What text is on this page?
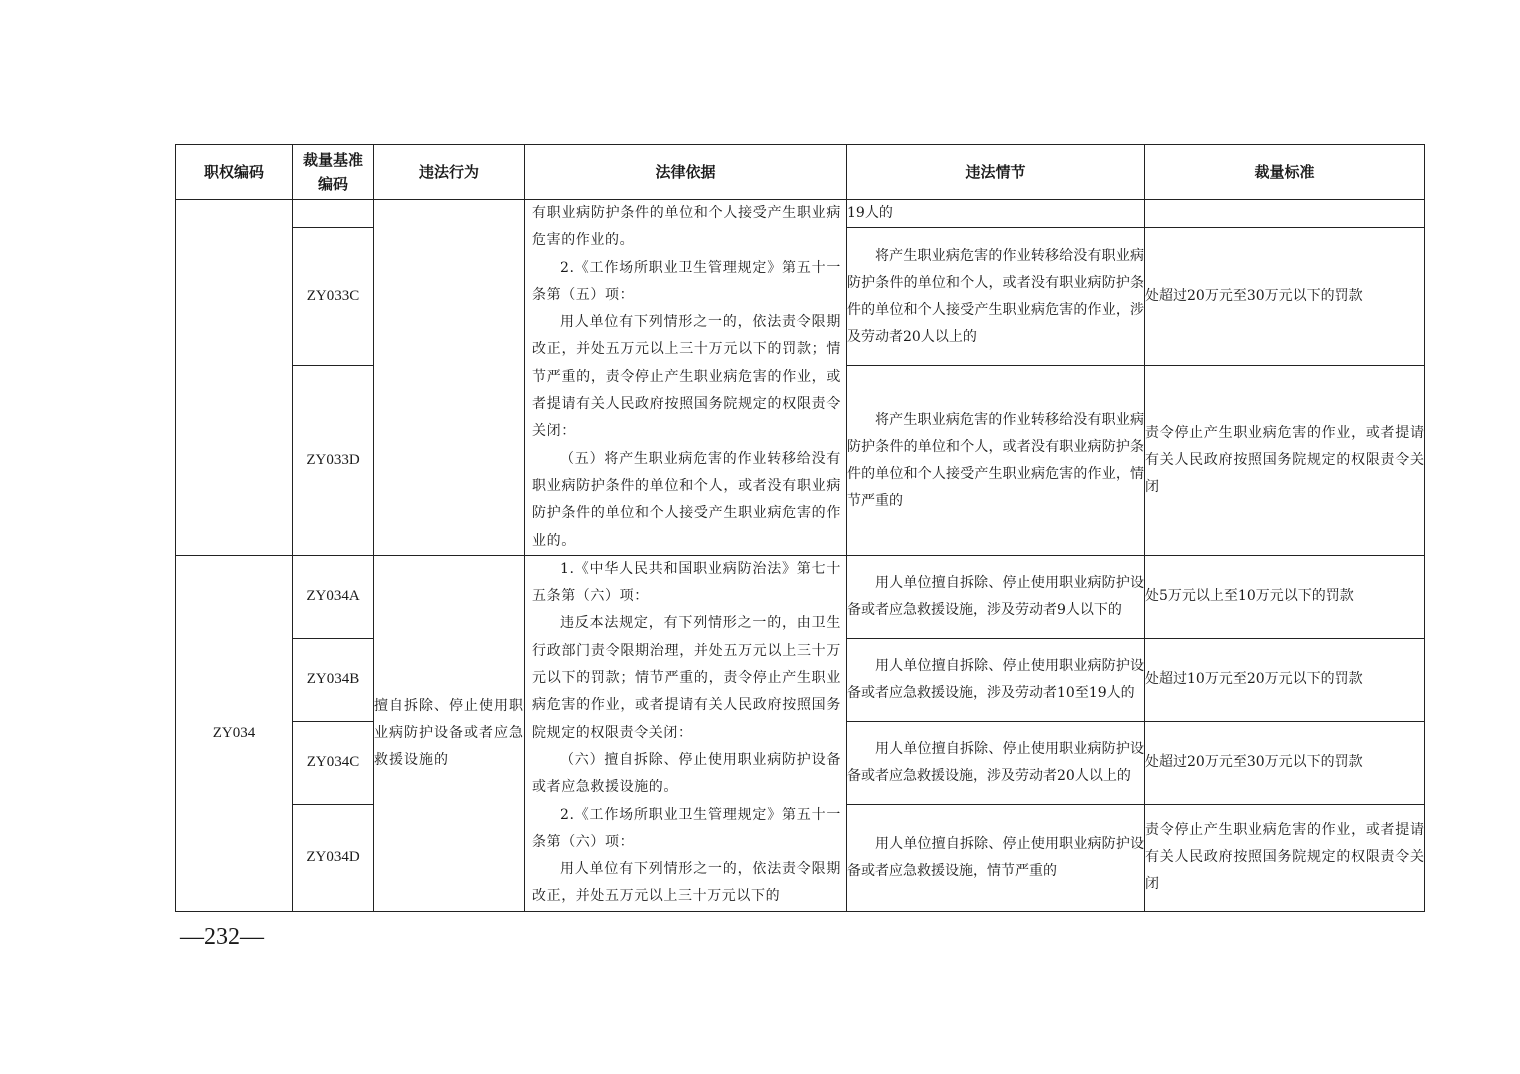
职权编码	裁量基准编码	违法行为	法律依据	违法情节	裁量标准

			有职业病防护条件的单位和个人接受产生职业病危害的作业的。
2.《工作场所职业卫生管理规定》第五十一条第（五）项：
用人单位有下列情形之一的，依法责令限期改正，并处五万元以上三十万元以下的罚款；情节严重的，责令停止产生职业病危害的作业，或者提请有关人民政府按照国务院规定的权限责令关闭：
（五）将产生职业病危害的作业转移给没有职业病防护条件的单位和个人，或者没有职业病防护条件的单位和个人接受产生职业病危害的作业的。	19人的	
	ZY033C			将产生职业病危害的作业转移给没有职业病防护条件的单位和个人，或者没有职业病防护条件的单位和个人接受产生职业病危害的作业，涉及劳动者20人以上的	处超过20万元至30万元以下的罚款
	ZY033D			将产生职业病危害的作业转移给没有职业病防护条件的单位和个人，或者没有职业病防护条件的单位和个人接受产生职业病危害的作业，情节严重的	责令停止产生职业病危害的作业，或者提请有关人民政府按照国务院规定的权限责令关闭
ZY034	ZY034A	擅自拆除、停止使用职业病防护设备或者应急救援设施的	1.《中华人民共和国职业病防治法》第七十五条第（六）项：
违反本法规定，有下列情形之一的，由卫生行政部门责令限期治理，并处五万元以上三十万元以下的罚款；情节严重的，责令停止产生职业病危害的作业，或者提请有关人民政府按照国务院规定的权限责令关闭：
（六）擅自拆除、停止使用职业病防护设备或者应急救援设施的。
2.《工作场所职业卫生管理规定》第五十一条第（六）项：
用人单位有下列情形之一的，依法责令限期改正，并处五万元以上三十万元以下的	用人单位擅自拆除、停止使用职业病防护设备或者应急救援设施，涉及劳动者9人以下的	处5万元以上至10万元以下的罚款
	ZY034B			用人单位擅自拆除、停止使用职业病防护设备或者应急救援设施，涉及劳动者10至19人的	处超过10万元至20万元以下的罚款
	ZY034C			用人单位擅自拆除、停止使用职业病防护设备或者应急救援设施，涉及劳动者20人以上的	处超过20万元至30万元以下的罚款
	ZY034D			用人单位擅自拆除、停止使用职业病防护设备或者应急救援设施，情节严重的	责令停止产生职业病危害的作业，或者提请有关人民政府按照国务院规定的权限责令关闭
—232—
